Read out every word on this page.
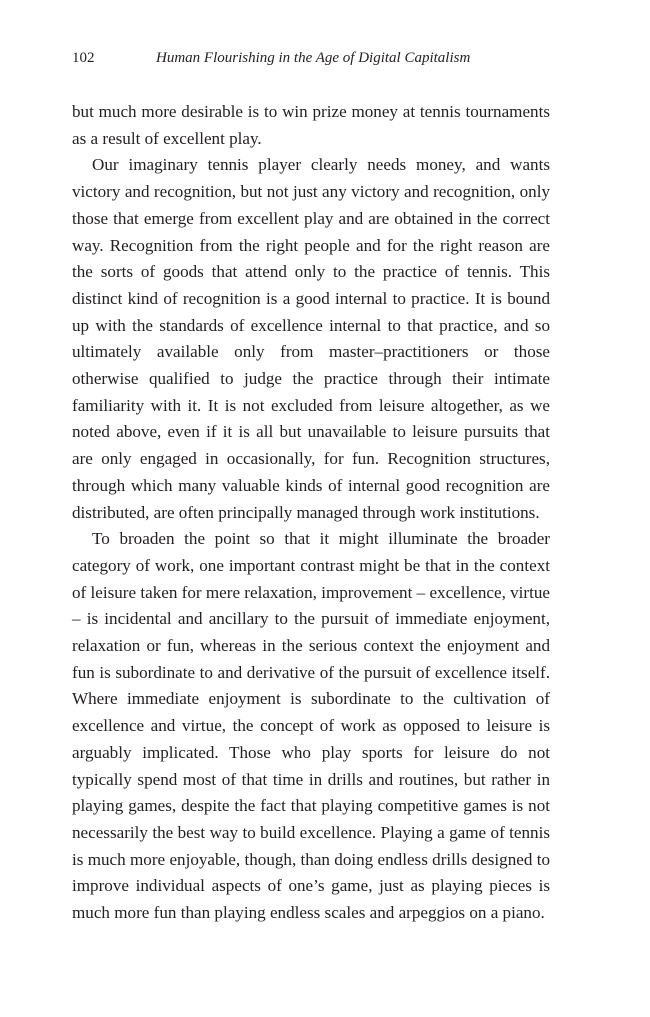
102	Human Flourishing in the Age of Digital Capitalism

but much more desirable is to win prize money at tennis tournaments as a result of excellent play.

Our imaginary tennis player clearly needs money, and wants victory and recognition, but not just any victory and recognition, only those that emerge from excellent play and are obtained in the correct way. Recognition from the right people and for the right reason are the sorts of goods that attend only to the practice of tennis. This distinct kind of recognition is a good internal to practice. It is bound up with the standards of excellence internal to that practice, and so ultimately available only from master–practitioners or those otherwise qualified to judge the practice through their intimate familiarity with it. It is not excluded from leisure altogether, as we noted above, even if it is all but unavailable to leisure pursuits that are only engaged in occasionally, for fun. Recognition structures, through which many valuable kinds of internal good recognition are distributed, are often principally managed through work institutions.

To broaden the point so that it might illuminate the broader category of work, one important contrast might be that in the context of leisure taken for mere relaxation, improvement – excellence, virtue – is incidental and ancillary to the pursuit of immediate enjoyment, relaxation or fun, whereas in the serious context the enjoyment and fun is subordinate to and derivative of the pursuit of excellence itself. Where immediate enjoyment is subordinate to the cultivation of excellence and virtue, the concept of work as opposed to leisure is arguably implicated. Those who play sports for leisure do not typically spend most of that time in drills and routines, but rather in playing games, despite the fact that playing competitive games is not necessarily the best way to build excellence. Playing a game of tennis is much more enjoyable, though, than doing endless drills designed to improve individual aspects of one’s game, just as playing pieces is much more fun than playing endless scales and arpeggios on a piano.
